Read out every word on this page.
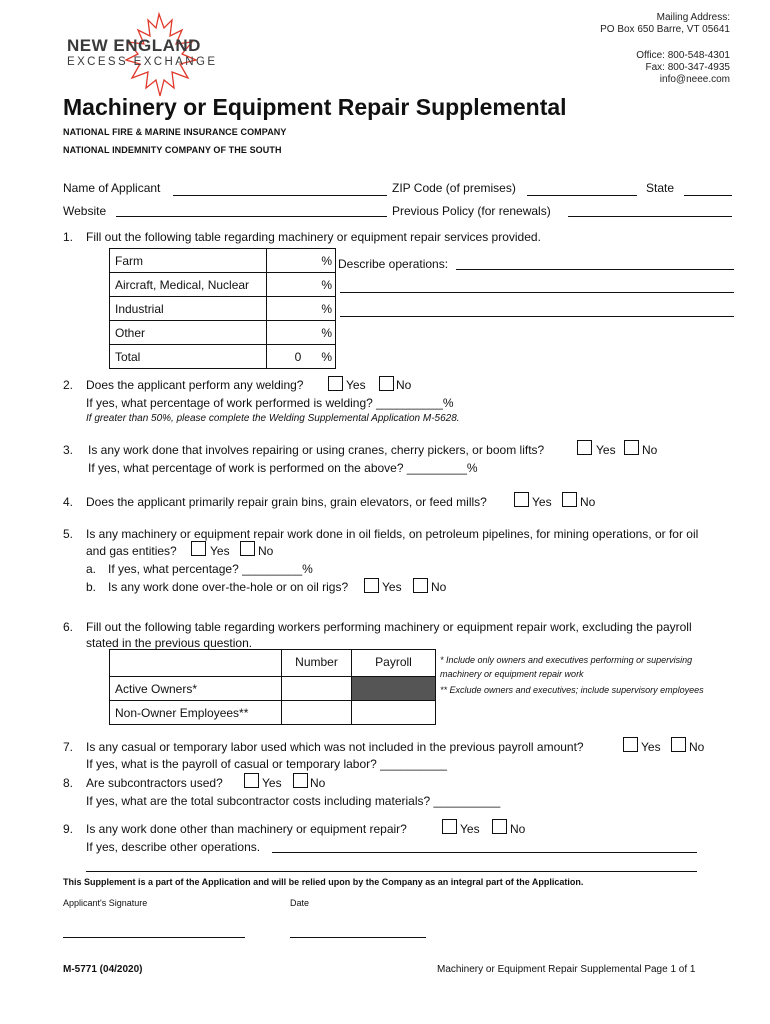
NEW ENGLAND
EXCESS EXCHANGE
Mailing Address:
PO Box 650 Barre, VT 05641
Office: 800-548-4301
Fax: 800-347-4935
info@neee.com
Machinery or Equipment Repair Supplemental
NATIONAL FIRE & MARINE INSURANCE COMPANY
NATIONAL INDEMNITY COMPANY OF THE SOUTH
Name of Applicant	ZIP Code (of premises)	State
Website	Previous Policy (for renewals)
1. Fill out the following table regarding machinery or equipment repair services provided.
Farm	%
Aircraft, Medical, Nuclear	%
Industrial	%
Other	%
Total	0 %
Describe operations:
2. Does the applicant perform any welding?	Yes	No
If yes, what percentage of work performed is welding? __________%
If greater than 50%, please complete the Welding Supplemental Application M-5628.
3. Is any work done that involves repairing or using cranes, cherry pickers, or boom lifts?	Yes No
If yes, what percentage of work is performed on the above? _________%
4. Does the applicant primarily repair grain bins, grain elevators, or feed mills?	Yes No
5. Is any machinery or equipment repair work done in oil fields, on petroleum pipelines, for mining operations, or for oil
and gas entities?	Yes No
a. If yes, what percentage? _________%
b. Is any work done over-the-hole or on oil rigs?	Yes No
6. Fill out the following table regarding workers performing machinery or equipment repair work, excluding the payroll
stated in the previous question.
	Number	Payroll
Active Owners*		
Non-Owner Employees**		
* Include only owners and executives performing or supervising
machinery or equipment repair work
** Exclude owners and executives; include supervisory employees
7. Is any casual or temporary labor used which was not included in the previous payroll amount?	Yes No
If yes, what is the payroll of casual or temporary labor? __________
8. Are subcontractors used?	Yes No
If yes, what are the total subcontractor costs including materials? __________
9. Is any work done other than machinery or equipment repair?	Yes	No
If yes, describe other operations.
This Supplement is a part of the Application and will be relied upon by the Company as an integral part of the Application.
Applicant's Signature	Date
M-5771 (04/2020)	Machinery or Equipment Repair Supplemental Page 1 of 1
